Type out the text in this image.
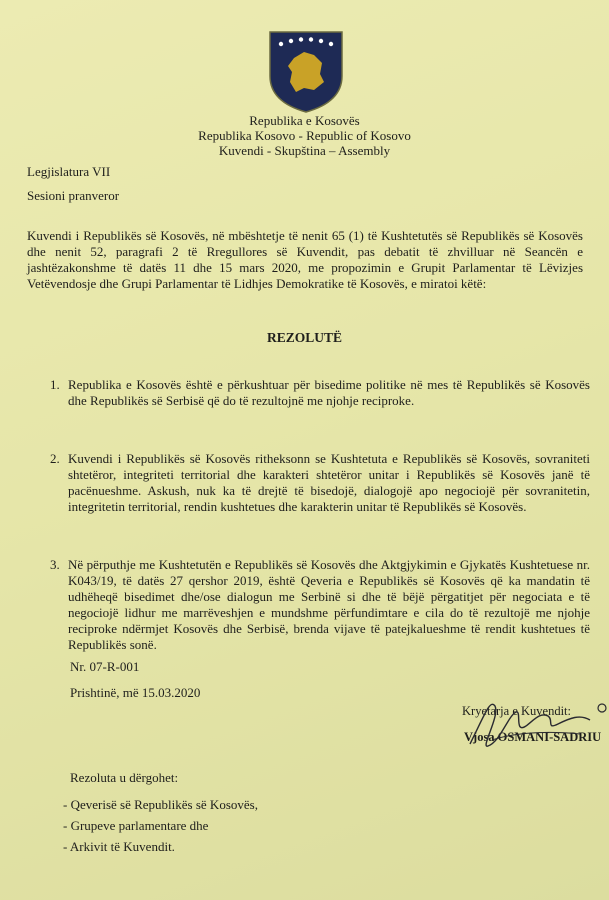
Republika e Kosovës
Republika Kosovo - Republic of Kosovo
Kuvendi - Skupština – Assembly
Legjislatura VII
Sesioni pranveror
Kuvendi i Republikës së Kosovës, në mbështetje të nenit 65 (1) të Kushtetutës së Republikës së Kosovës dhe nenit 52, paragrafi 2 të Rregullores së Kuvendit, pas debatit të zhvilluar në Seancën e jashtëzakonshme të datës 11 dhe 15 mars 2020, me propozimin e Grupit Parlamentar të Lëvizjes Vetëvendosje dhe Grupi Parlamentar të Lidhjes Demokratike të Kosovës, e miratoi këtë:
REZOLUTË
1. Republika e Kosovës është e përkushtuar për bisedime politike në mes të Republikës së Kosovës dhe Republikës së Serbisë që do të rezultojnë me njohje reciproke.
2. Kuvendi i Republikës së Kosovës ritheksonn se Kushtetuta e Republikës së Kosovës, sovraniteti shtetëror, integriteti territorial dhe karakteri shtetëror unitar i Republikës së Kosovës janë të pacënueshme. Askush, nuk ka të drejtë të bisedojë, dialogojë apo negociojë për sovranitetin, integritetin territorial, rendin kushtetues dhe karakterin unitar të Republikës së Kosovës.
3. Në përputhje me Kushtetutën e Republikës së Kosovës dhe Aktgjykimin e Gjykatës Kushtetuese nr. K043/19, të datës 27 qershor 2019, është Qeveria e Republikës së Kosovës që ka mandatin të udhëheqë bisedimet dhe/ose dialogun me Serbinë si dhe të bëjë përgatitjet për negociata e të negociojë lidhur me marrëveshjen e mundshme përfundimtare e cila do të rezultojë me njohje reciproke ndërmjet Kosovës dhe Serbisë, brenda vijave të patejkalueshme të rendit kushtetues të Republikës sonë.
Nr. 07-R-001
Prishtinë, më 15.03.2020
Kryetarja e Kuvendit:
Vjosa OSMANI-SADRIU
Rezoluta u dërgohet:
- Qeverisë së Republikës së Kosovës,
- Grupeve parlamentare dhe
- Arkivit të Kuvendit.
